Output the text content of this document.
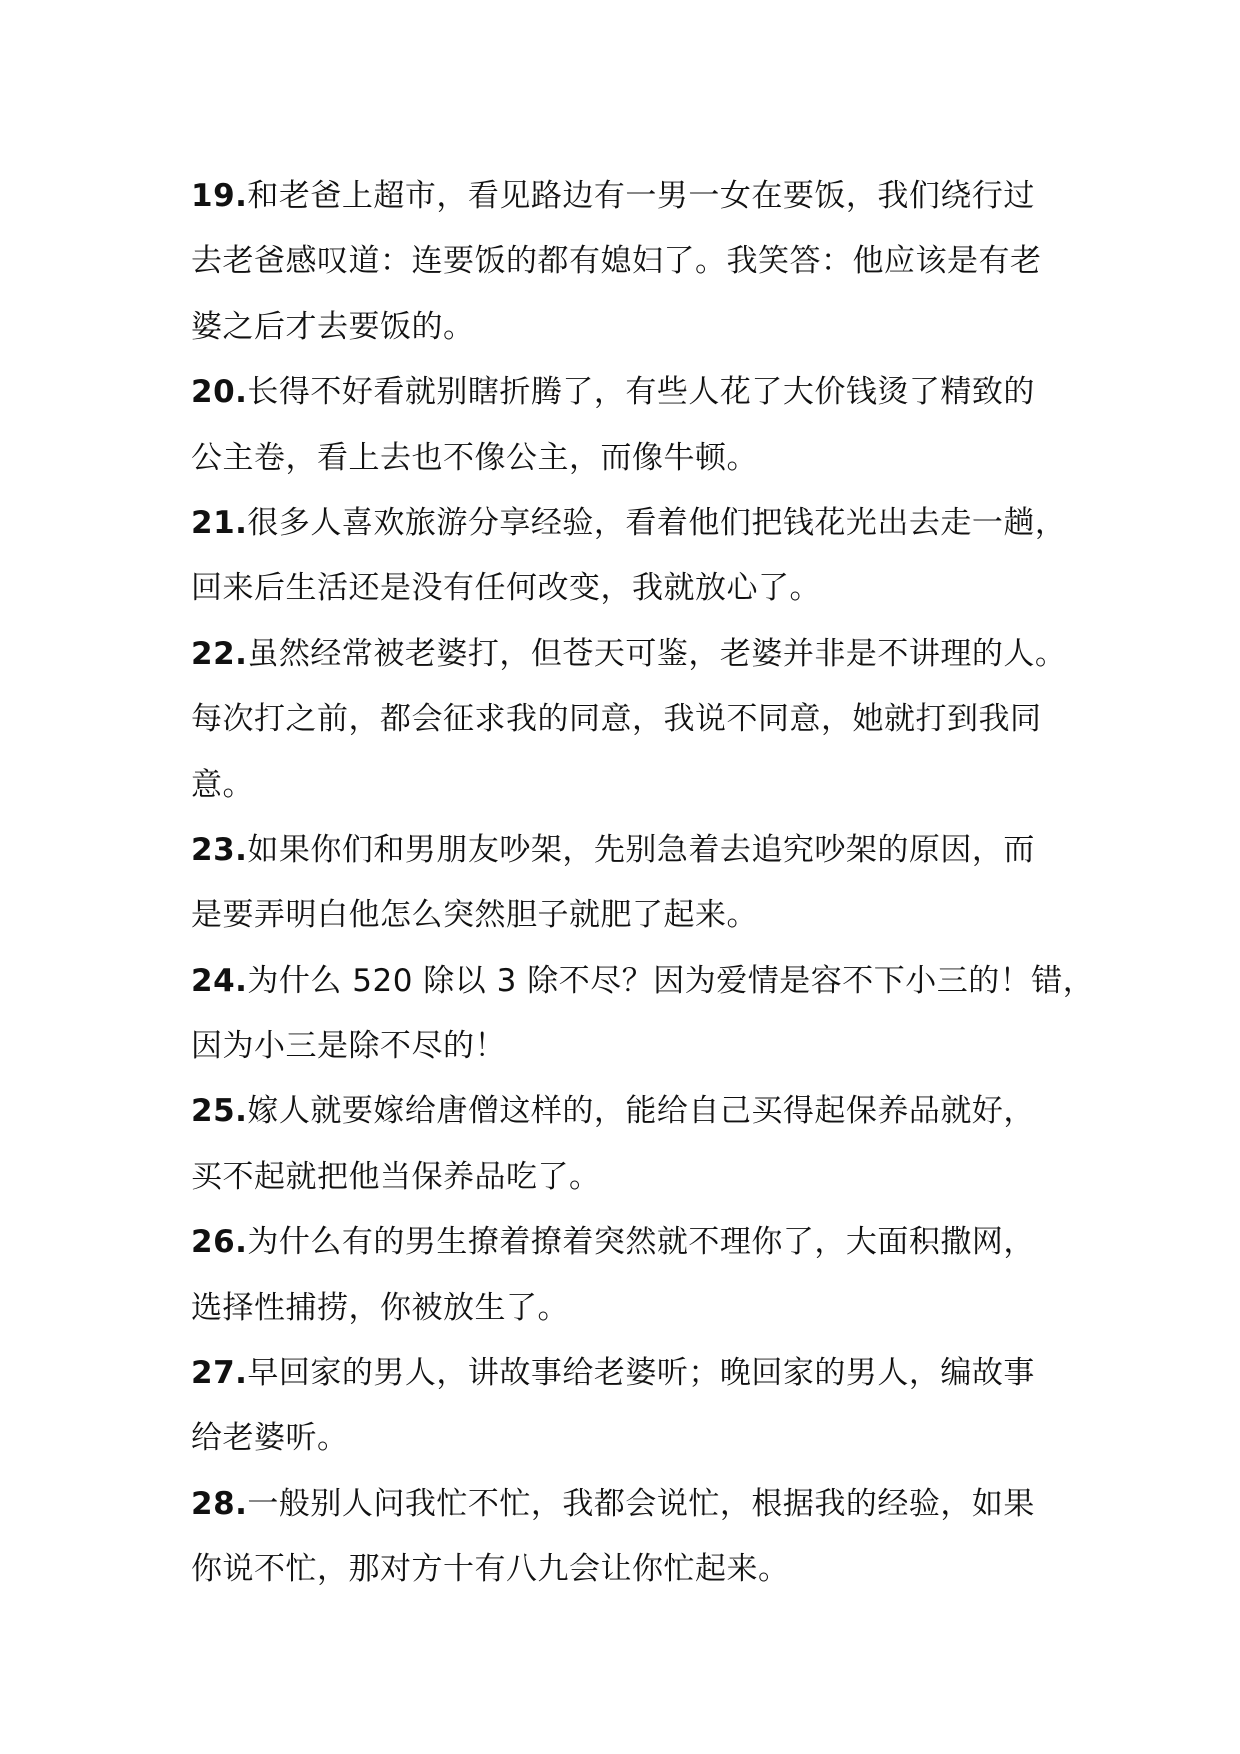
19.和老爸上超市，看见路边有一男一女在要饭，我们绕行过
去老爸感叹道：连要饭的都有媳妇了。我笑答：他应该是有老
婆之后才去要饭的。
20.长得不好看就别瞎折腾了，有些人花了大价钱烫了精致的
公主卷，看上去也不像公主，而像牛顿。
21.很多人喜欢旅游分享经验，看着他们把钱花光出去走一趟，
回来后生活还是没有任何改变，我就放心了。
22.虽然经常被老婆打，但苍天可鉴，老婆并非是不讲理的人。
每次打之前，都会征求我的同意，我说不同意，她就打到我同
意。
23.如果你们和男朋友吵架，先别急着去追究吵架的原因，而
是要弄明白他怎么突然胆子就肥了起来。
24.为什么 520 除以 3 除不尽？因为爱情是容不下小三的！错，
因为小三是除不尽的！
25.嫁人就要嫁给唐僧这样的，能给自己买得起保养品就好，
买不起就把他当保养品吃了。
26.为什么有的男生撩着撩着突然就不理你了，大面积撒网，
选择性捕捞，你被放生了。
27.早回家的男人，讲故事给老婆听；晚回家的男人，编故事
给老婆听。
28.一般别人问我忙不忙，我都会说忙，根据我的经验，如果
你说不忙，那对方十有八九会让你忙起来。
